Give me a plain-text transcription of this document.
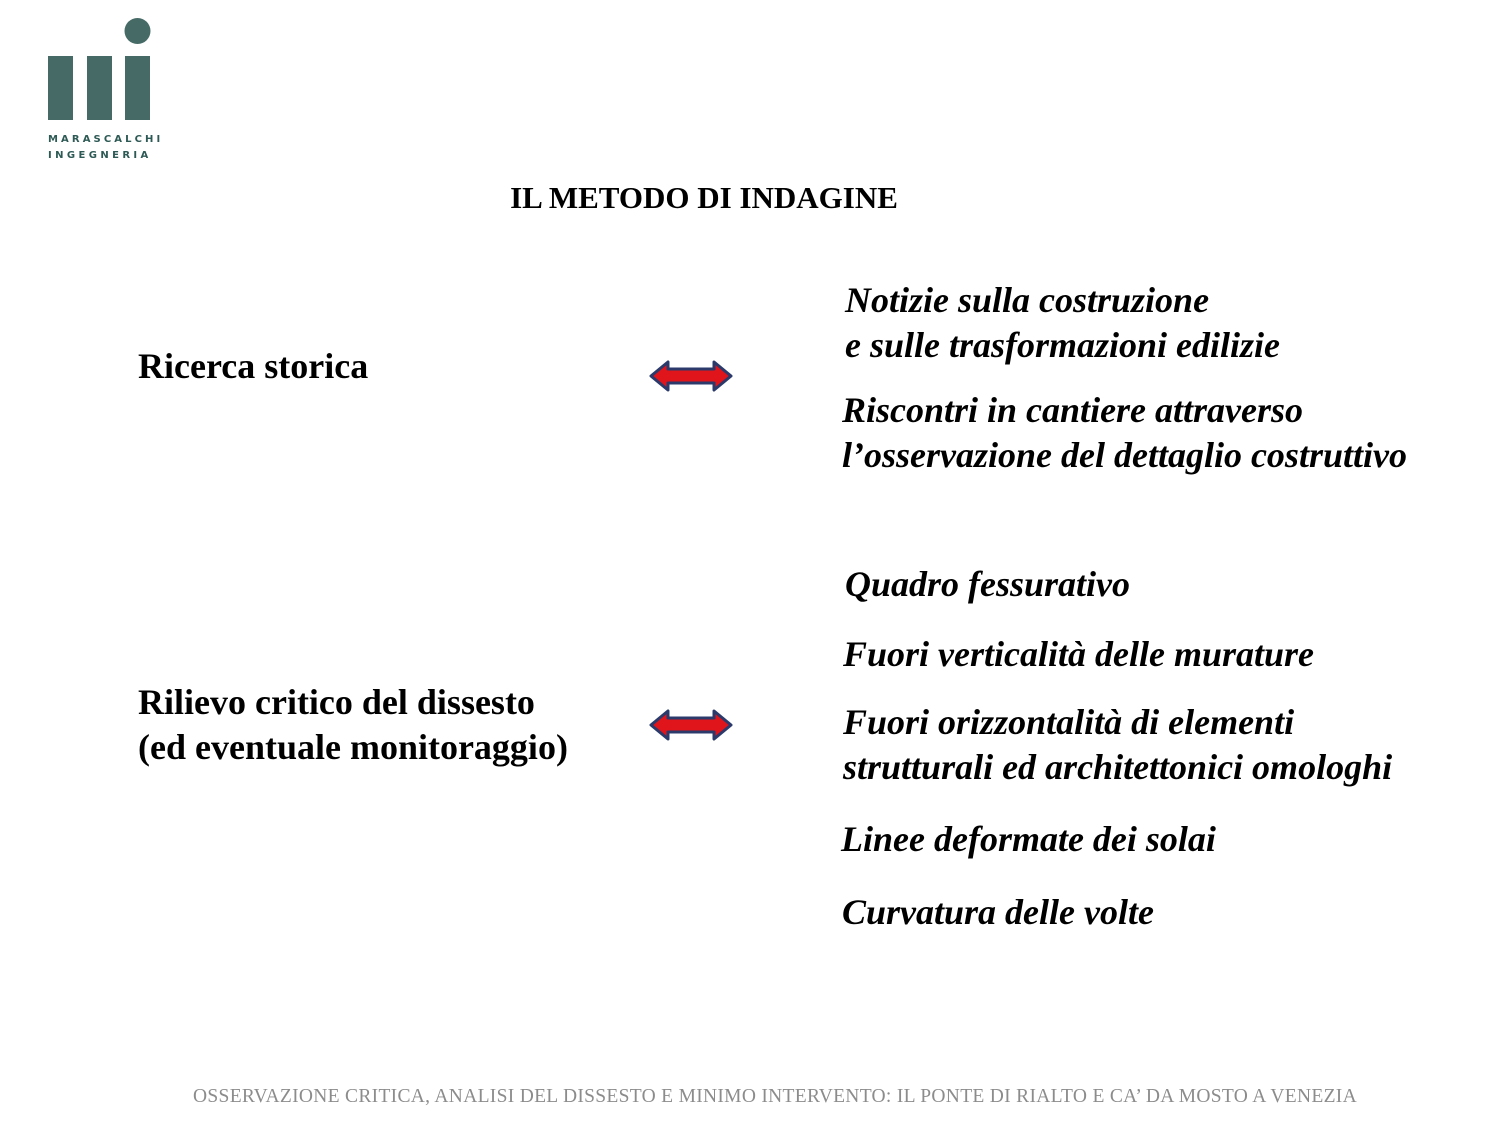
MARASCALCHI
INGEGNERIA
IL METODO DI INDAGINE
Ricerca storica
Notizie sulla costruzione
e sulle trasformazioni edilizie
Riscontri in cantiere attraverso
l’osservazione del dettaglio costruttivo
Rilievo critico del dissesto
(ed eventuale monitoraggio)
Quadro fessurativo
Fuori verticalità delle murature
Fuori orizzontalità di elementi
strutturali ed architettonici omologhi
Linee deformate dei solai
Curvatura delle volte
OSSERVAZIONE CRITICA, ANALISI DEL DISSESTO E MINIMO INTERVENTO: IL PONTE DI RIALTO E CA’ DA MOSTO A VENEZIA
